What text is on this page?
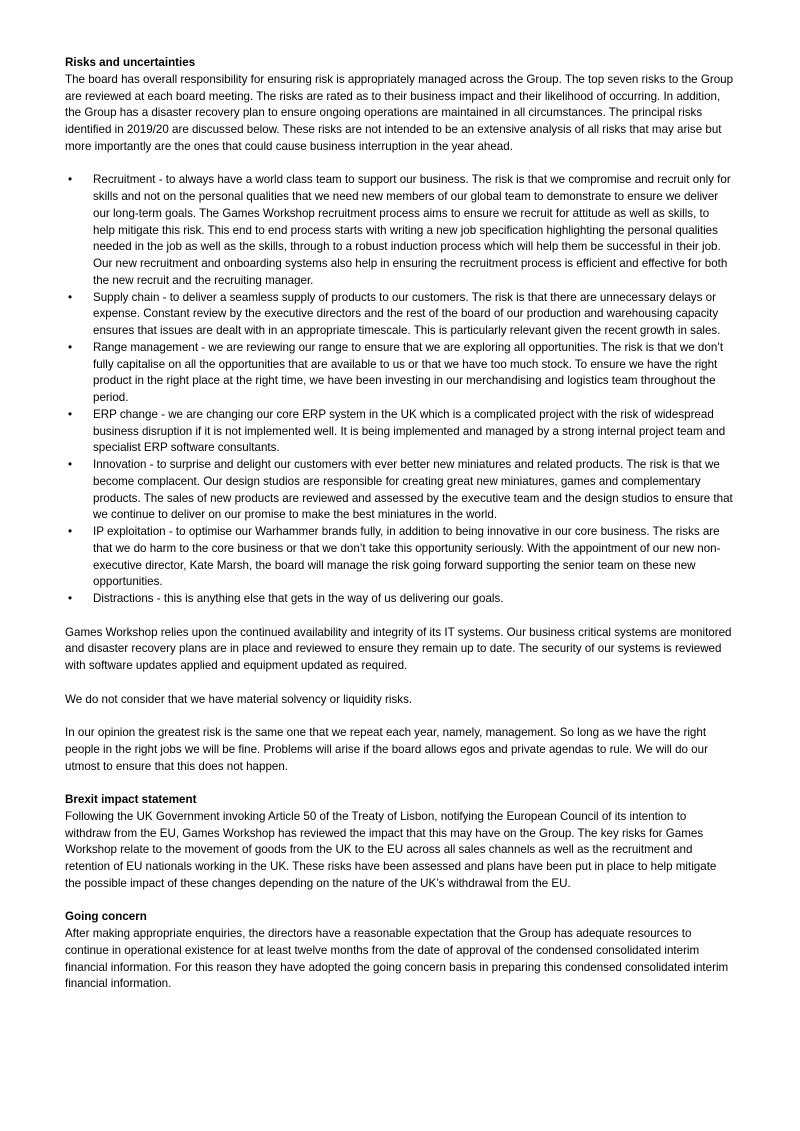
Risks and uncertainties

The board has overall responsibility for ensuring risk is appropriately managed across the Group. The top seven risks to the Group are reviewed at each board meeting. The risks are rated as to their business impact and their likelihood of occurring. In addition, the Group has a disaster recovery plan to ensure ongoing operations are maintained in all circumstances. The principal risks identified in 2019/20 are discussed below. These risks are not intended to be an extensive analysis of all risks that may arise but more importantly are the ones that could cause business interruption in the year ahead.

• Recruitment - to always have a world class team to support our business. The risk is that we compromise and recruit only for skills and not on the personal qualities that we need new members of our global team to demonstrate to ensure we deliver our long-term goals. The Games Workshop recruitment process aims to ensure we recruit for attitude as well as skills, to help mitigate this risk. This end to end process starts with writing a new job specification highlighting the personal qualities needed in the job as well as the skills, through to a robust induction process which will help them be successful in their job. Our new recruitment and onboarding systems also help in ensuring the recruitment process is efficient and effective for both the new recruit and the recruiting manager.
• Supply chain - to deliver a seamless supply of products to our customers. The risk is that there are unnecessary delays or expense. Constant review by the executive directors and the rest of the board of our production and warehousing capacity ensures that issues are dealt with in an appropriate timescale. This is particularly relevant given the recent growth in sales.
• Range management - we are reviewing our range to ensure that we are exploring all opportunities. The risk is that we don’t fully capitalise on all the opportunities that are available to us or that we have too much stock. To ensure we have the right product in the right place at the right time, we have been investing in our merchandising and logistics team throughout the period.
• ERP change - we are changing our core ERP system in the UK which is a complicated project with the risk of widespread business disruption if it is not implemented well. It is being implemented and managed by a strong internal project team and specialist ERP software consultants.
• Innovation - to surprise and delight our customers with ever better new miniatures and related products. The risk is that we become complacent. Our design studios are responsible for creating great new miniatures, games and complementary products. The sales of new products are reviewed and assessed by the executive team and the design studios to ensure that we continue to deliver on our promise to make the best miniatures in the world.
• IP exploitation - to optimise our Warhammer brands fully, in addition to being innovative in our core business. The risks are that we do harm to the core business or that we don’t take this opportunity seriously. With the appointment of our new non-executive director, Kate Marsh, the board will manage the risk going forward supporting the senior team on these new opportunities.
• Distractions - this is anything else that gets in the way of us delivering our goals.

Games Workshop relies upon the continued availability and integrity of its IT systems. Our business critical systems are monitored and disaster recovery plans are in place and reviewed to ensure they remain up to date. The security of our systems is reviewed with software updates applied and equipment updated as required.

We do not consider that we have material solvency or liquidity risks.

In our opinion the greatest risk is the same one that we repeat each year, namely, management. So long as we have the right people in the right jobs we will be fine. Problems will arise if the board allows egos and private agendas to rule. We will do our utmost to ensure that this does not happen.

Brexit impact statement

Following the UK Government invoking Article 50 of the Treaty of Lisbon, notifying the European Council of its intention to withdraw from the EU, Games Workshop has reviewed the impact that this may have on the Group. The key risks for Games Workshop relate to the movement of goods from the UK to the EU across all sales channels as well as the recruitment and retention of EU nationals working in the UK. These risks have been assessed and plans have been put in place to help mitigate the possible impact of these changes depending on the nature of the UK’s withdrawal from the EU.

Going concern

After making appropriate enquiries, the directors have a reasonable expectation that the Group has adequate resources to continue in operational existence for at least twelve months from the date of approval of the condensed consolidated interim financial information. For this reason they have adopted the going concern basis in preparing this condensed consolidated interim financial information.
